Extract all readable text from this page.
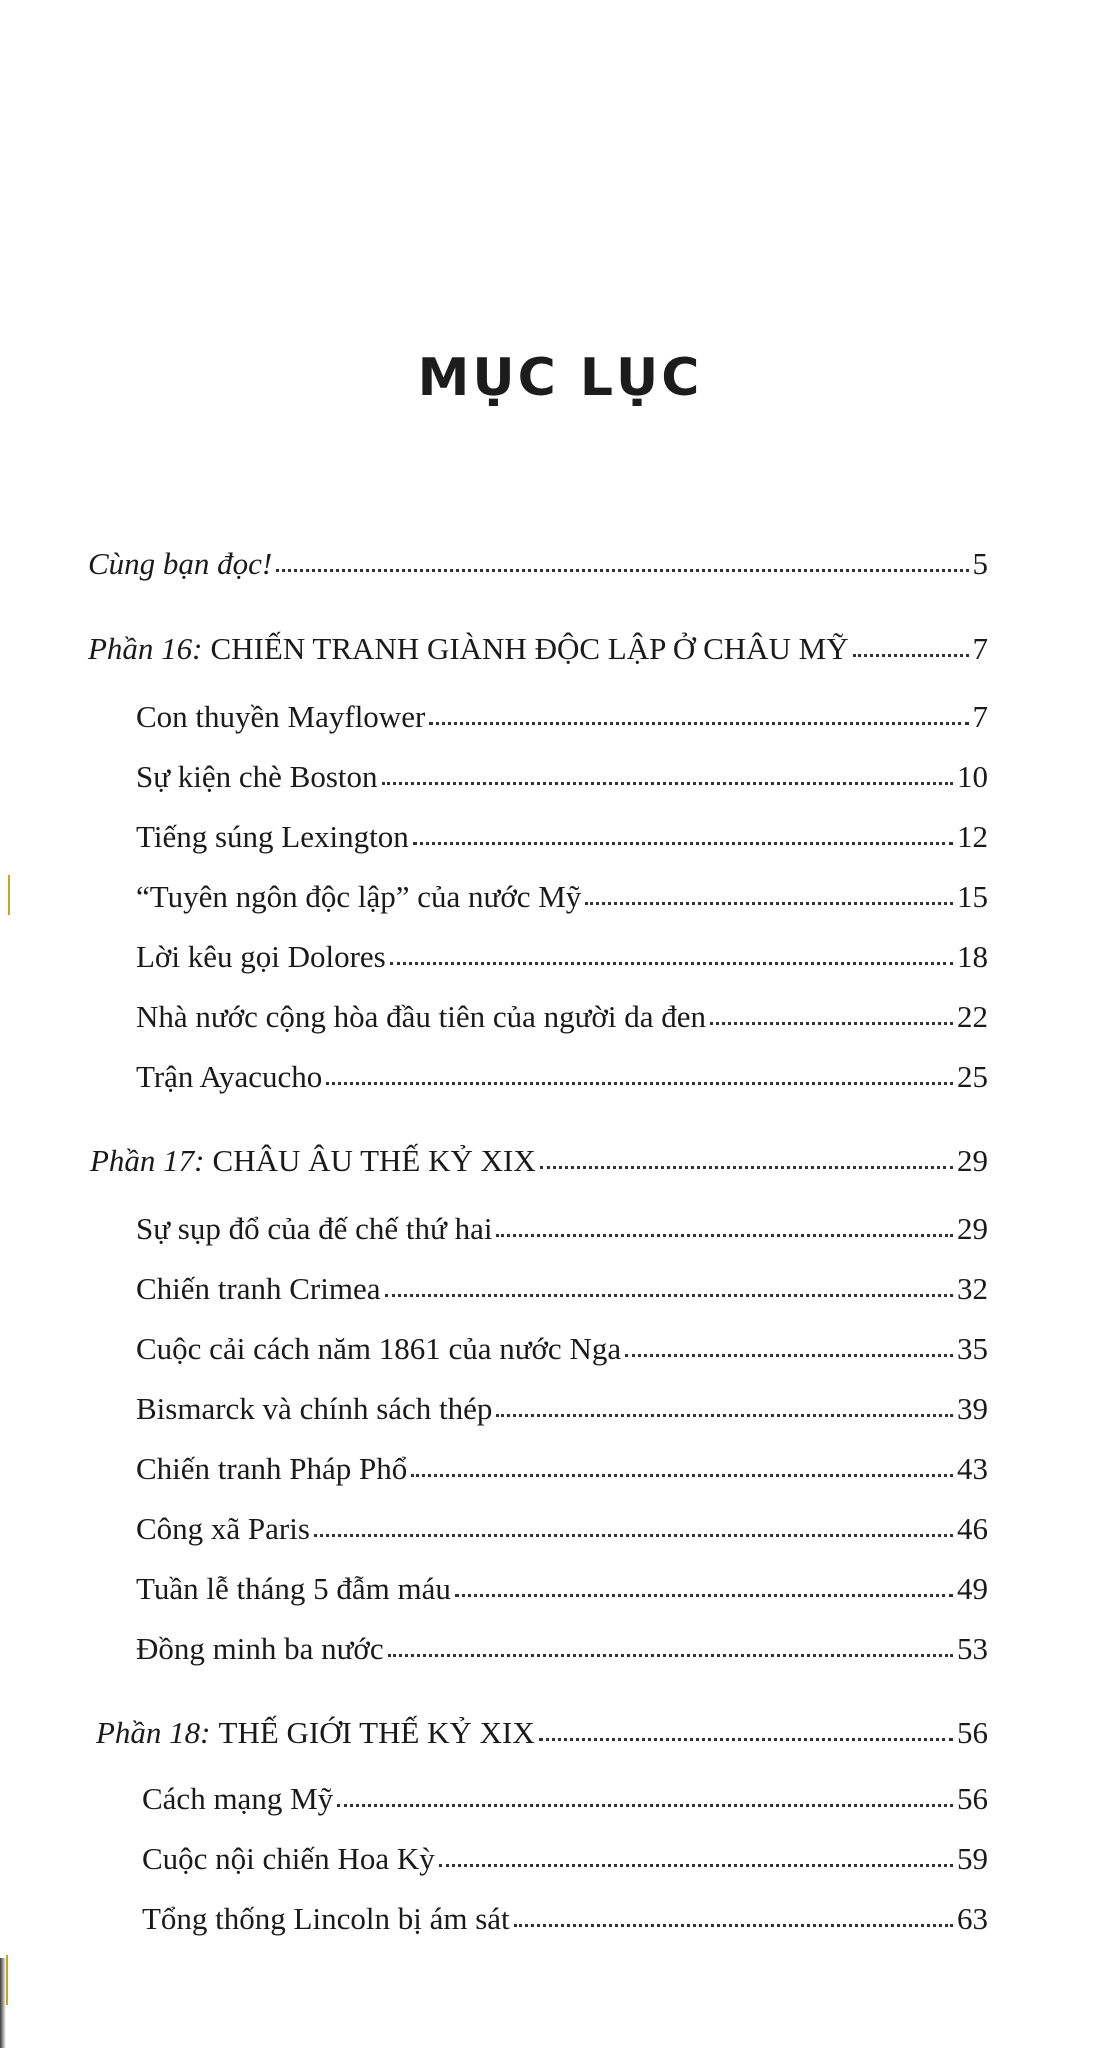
MỤC LỤC
Cùng bạn đọc!	5
Phần 16: CHIẾN TRANH GIÀNH ĐỘC LẬP Ở CHÂU MỸ	7
Con thuyền Mayflower	7
Sự kiện chè Boston	10
Tiếng súng Lexington	12
“Tuyên ngôn độc lập” của nước Mỹ	15
Lời kêu gọi Dolores	18
Nhà nước cộng hòa đầu tiên của người da đen	22
Trận Ayacucho	25
Phần 17: CHÂU ÂU THẾ KỶ XIX	29
Sự sụp đổ của đế chế thứ hai	29
Chiến tranh Crimea	32
Cuộc cải cách năm 1861 của nước Nga	35
Bismarck và chính sách thép	39
Chiến tranh Pháp Phổ	43
Công xã Paris	46
Tuần lễ tháng 5 đẫm máu	49
Đồng minh ba nước	53
Phần 18: THẾ GIỚI THẾ KỶ XIX	56
Cách mạng Mỹ	56
Cuộc nội chiến Hoa Kỳ	59
Tổng thống Lincoln bị ám sát	63
